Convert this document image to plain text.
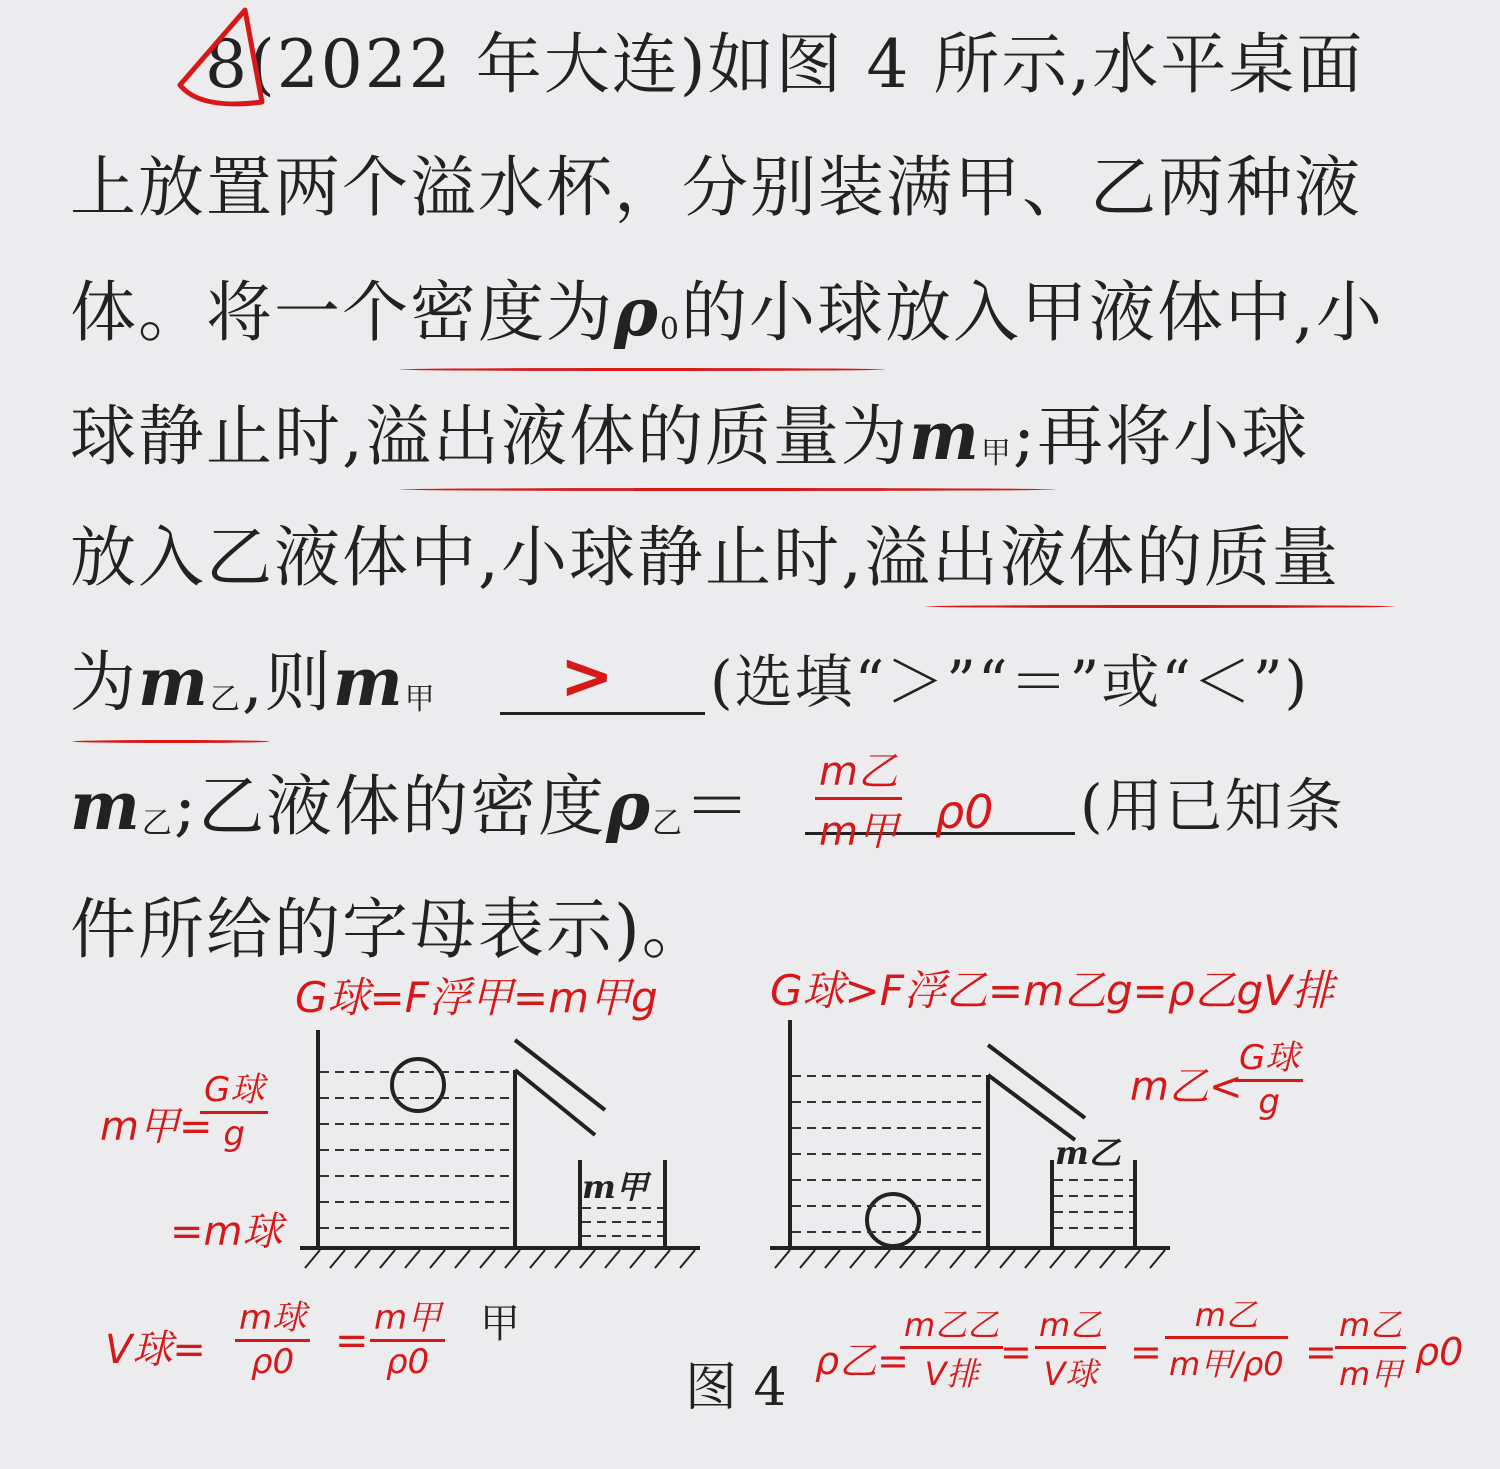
8(2022 年大连)如图 4 所示,水平桌面
上放置两个溢水杯，分别装满甲、乙两种液
体。将一个密度为ρ0的小球放入甲液体中,小
球静止时,溢出液体的质量为m甲;再将小球
放入乙液体中,小球静止时,溢出液体的质量
为m乙,则m甲	(选填“＞”“＝”或“＜”)
>
m乙;乙液体的密度ρ乙＝	(用已知条
m乙
m甲 ρ0
件所给的字母表示)。
m甲
m乙
图 4
G球=F浮甲=m甲g	G球>F浮乙=m乙g=ρ乙gV排
m甲=
G球
g
=m球
m乙<
G球
g
V球=
m球
ρ0	= m甲
ρ0
甲
ρ乙=
m乙乙
V排 =
m乙
V球 =
m乙
m甲/ρ0 =
m乙
m甲 ρ0
